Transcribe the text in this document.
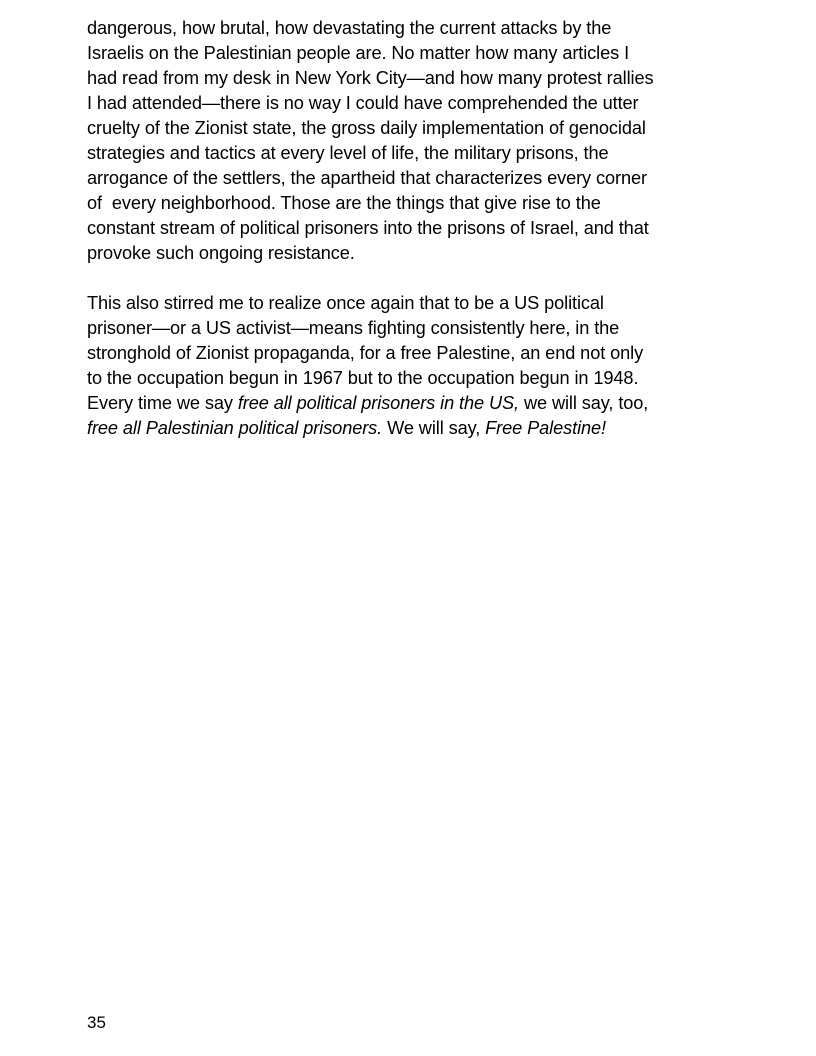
dangerous, how brutal, how devastating the current attacks by the
Israelis on the Palestinian people are. No matter how many articles I
had read from my desk in New York City—and how many protest rallies
I had attended—there is no way I could have comprehended the utter
cruelty of the Zionist state, the gross daily implementation of genocidal
strategies and tactics at every level of life, the military prisons, the
arrogance of the settlers, the apartheid that characterizes every corner
of  every neighborhood. Those are the things that give rise to the
constant stream of political prisoners into the prisons of Israel, and that
provoke such ongoing resistance.

This also stirred me to realize once again that to be a US political
prisoner—or a US activist—means fighting consistently here, in the
stronghold of Zionist propaganda, for a free Palestine, an end not only
to the occupation begun in 1967 but to the occupation begun in 1948.
Every time we say free all political prisoners in the US, we will say, too,
free all Palestinian political prisoners. We will say, Free Palestine!

35
